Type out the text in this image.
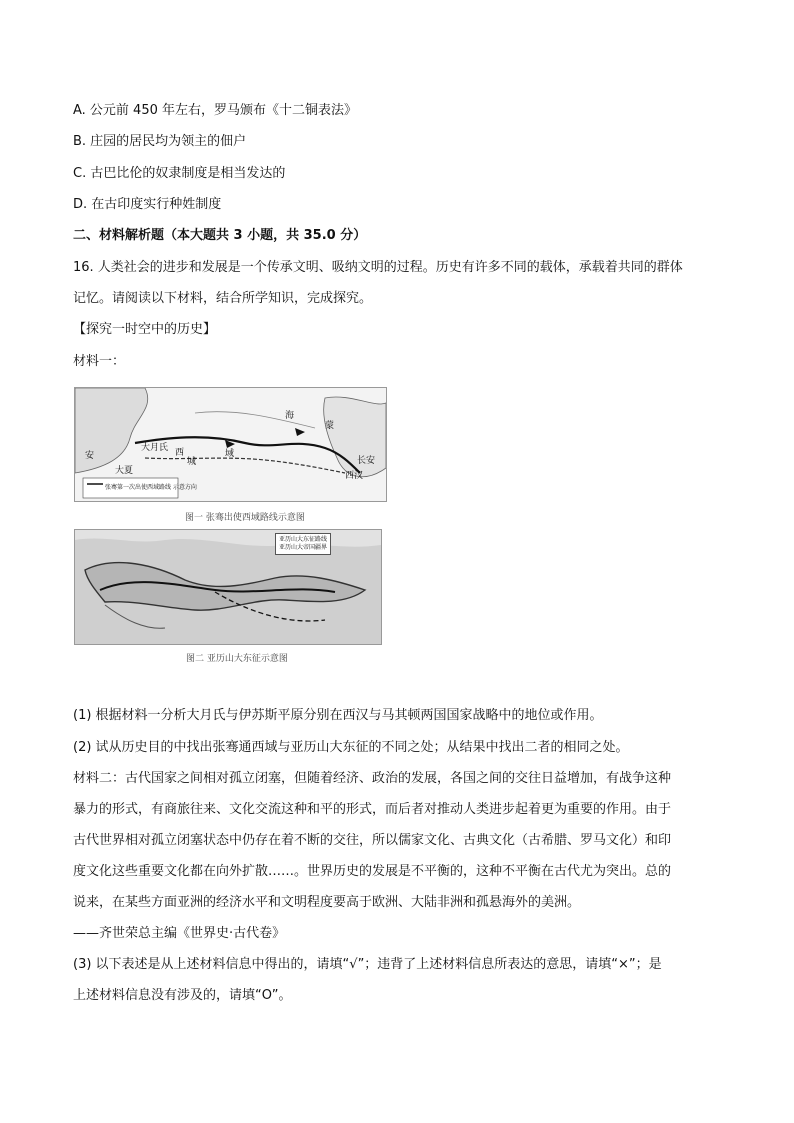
A. 公元前 450 年左右，罗马颁布《十二铜表法》
B. 庄园的居民均为领主的佃户
C. 古巴比伦的奴隶制度是相当发达的
D. 在古印度实行种姓制度
二、材料解析题（本大题共 3 小题，共 35.0 分）
16. 人类社会的进步和发展是一个传承文明、吸纳文明的过程。历史有许多不同的载体，承载着共同的群体
记忆。请阅读以下材料，结合所学知识，完成探究。
【探究一时空中的历史】
材料一：
大月氏 西
城
域
海
蒙
西汉
长安
安
大夏
张骞第一次出使西域路线 示意方向
图一 张骞出使西域路线示意图
亚历山大东征路线
亚历山大帝国疆界
图二 亚历山大东征示意图
(1) 根据材料一分析大月氏与伊苏斯平原分别在西汉与马其顿两国国家战略中的地位或作用。
(2) 试从历史目的中找出张骞通西域与亚历山大东征的不同之处；从结果中找出二者的相同之处。
材料二：古代国家之间相对孤立闭塞，但随着经济、政治的发展，各国之间的交往日益增加，有战争这种
暴力的形式，有商旅往来、文化交流这种和平的形式，而后者对推动人类进步起着更为重要的作用。由于
古代世界相对孤立闭塞状态中仍存在着不断的交往，所以儒家文化、古典文化（古希腊、罗马文化）和印
度文化这些重要文化都在向外扩散……。世界历史的发展是不平衡的，这种不平衡在古代尤为突出。总的
说来，在某些方面亚洲的经济水平和文明程度要高于欧洲、大陆非洲和孤悬海外的美洲。
——齐世荣总主编《世界史·古代卷》
(3) 以下表述是从上述材料信息中得出的，请填“√”；违背了上述材料信息所表达的意思，请填“×”；是
上述材料信息没有涉及的，请填“O”。
